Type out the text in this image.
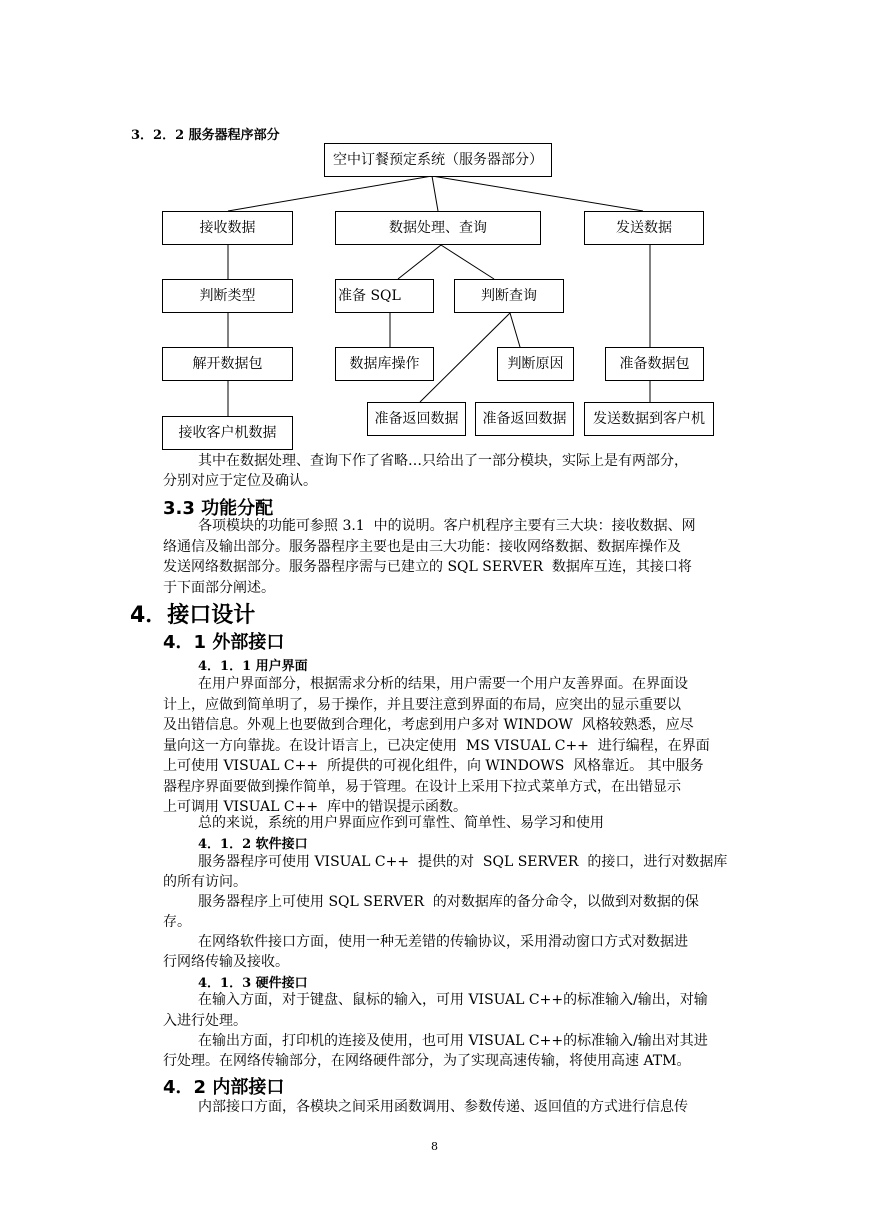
3．2．2 服务器程序部分
空中订餐预定系统（服务器部分）
接收数据	数据处理、查询	发送数据
判断类型	准备 SQL	判断查询
解开数据包	数据库操作	判断原因	准备数据包
准备返回数据	准备返回数据	发送数据到客户机
接收客户机数据
其中在数据处理、查询下作了省略…只给出了一部分模块，实际上是有两部分，
分别对应于定位及确认。
3.3 功能分配
各项模块的功能可参照 3.1  中的说明。客户机程序主要有三大块：接收数据、网
络通信及输出部分。服务器程序主要也是由三大功能：接收网络数据、数据库操作及
发送网络数据部分。服务器程序需与已建立的 SQL SERVER  数据库互连，其接口将
于下面部分阐述。
4．接口设计
4．1 外部接口
4．1．1 用户界面
在用户界面部分，根据需求分析的结果，用户需要一个用户友善界面。在界面设
计上，应做到简单明了，易于操作，并且要注意到界面的布局，应突出的显示重要以
及出错信息。外观上也要做到合理化，考虑到用户多对 WINDOW  风格较熟悉，应尽
量向这一方向靠拢。在设计语言上，已决定使用  MS VISUAL C++  进行编程，在界面
上可使用 VISUAL C++  所提供的可视化组件，向 WINDOWS  风格靠近。 其中服务
器程序界面要做到操作简单，易于管理。在设计上采用下拉式菜单方式，在出错显示
上可调用 VISUAL C++  库中的错误提示函数。
总的来说，系统的用户界面应作到可靠性、简单性、易学习和使用
4．1．2 软件接口
服务器程序可使用 VISUAL C++  提供的对  SQL SERVER  的接口，进行对数据库
的所有访问。
服务器程序上可使用 SQL SERVER  的对数据库的备分命令，以做到对数据的保
存。
在网络软件接口方面，使用一种无差错的传输协议，采用滑动窗口方式对数据进
行网络传输及接收。
4．1．3 硬件接口
在输入方面，对于键盘、鼠标的输入，可用 VISUAL C++的标准输入/输出，对输
入进行处理。
在输出方面，打印机的连接及使用，也可用 VISUAL C++的标准输入/输出对其进
行处理。在网络传输部分，在网络硬件部分，为了实现高速传输，将使用高速 ATM。
4．2 内部接口
内部接口方面，各模块之间采用函数调用、参数传递、返回值的方式进行信息传
8
